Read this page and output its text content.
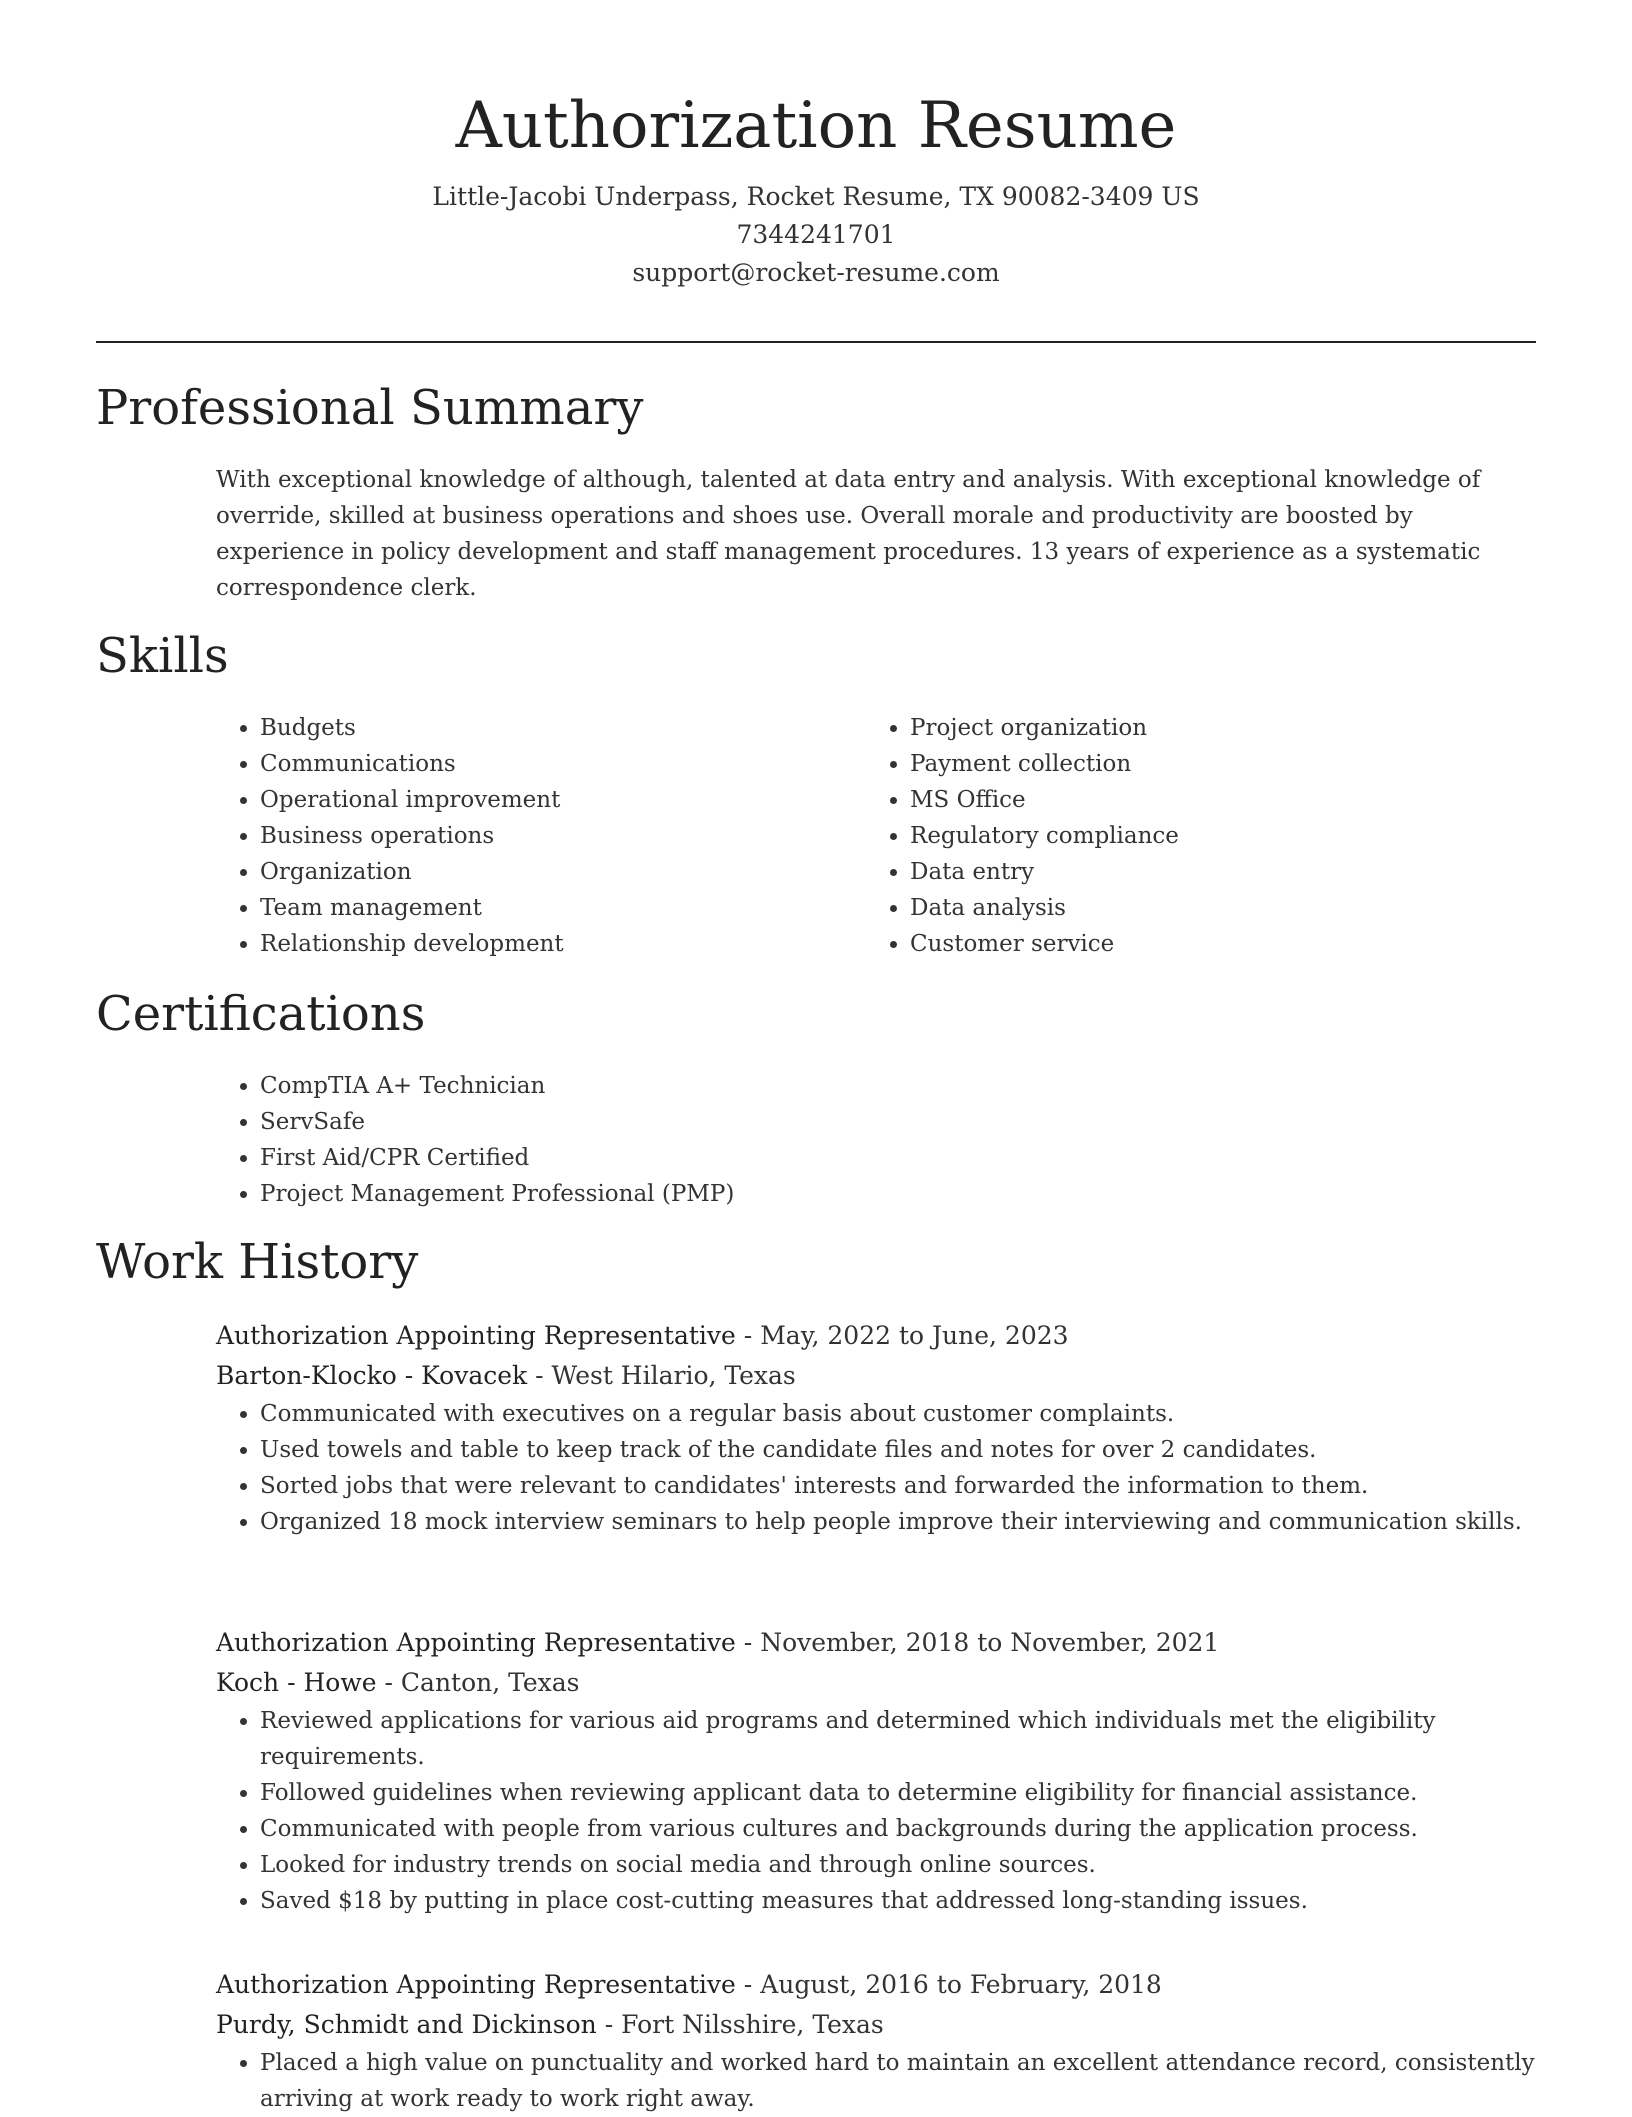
Authorization Resume
Little-Jacobi Underpass, Rocket Resume, TX 90082-3409 US
7344241701
support@rocket-resume.com
Professional Summary

With exceptional knowledge of although, talented at data entry and analysis. With exceptional knowledge of override, skilled at business operations and shoes use. Overall morale and productivity are boosted by experience in policy development and staff management procedures. 13 years of experience as a systematic correspondence clerk.

Skills
• Budgets
• Communications
• Operational improvement
• Business operations
• Organization
• Team management
• Relationship development
• Project organization
• Payment collection
• MS Office
• Regulatory compliance
• Data entry
• Data analysis
• Customer service
Certifications
• CompTIA A+ Technician
• ServSafe
• First Aid/CPR Certified
• Project Management Professional (PMP)
Work History
Authorization Appointing Representative - May, 2022 to June, 2023
Barton-Klocko - Kovacek - West Hilario, Texas
• Communicated with executives on a regular basis about customer complaints.
• Used towels and table to keep track of the candidate files and notes for over 2 candidates.
• Sorted jobs that were relevant to candidates' interests and forwarded the information to them.
• Organized 18 mock interview seminars to help people improve their interviewing and communication skills.
Authorization Appointing Representative - November, 2018 to November, 2021
Koch - Howe - Canton, Texas
• Reviewed applications for various aid programs and determined which individuals met the eligibility requirements.
• Followed guidelines when reviewing applicant data to determine eligibility for financial assistance.
• Communicated with people from various cultures and backgrounds during the application process.
• Looked for industry trends on social media and through online sources.
• Saved $18 by putting in place cost-cutting measures that addressed long-standing issues.
Authorization Appointing Representative - August, 2016 to February, 2018
Purdy, Schmidt and Dickinson - Fort Nilsshire, Texas
• Placed a high value on punctuality and worked hard to maintain an excellent attendance record, consistently arriving at work ready to work right away.
